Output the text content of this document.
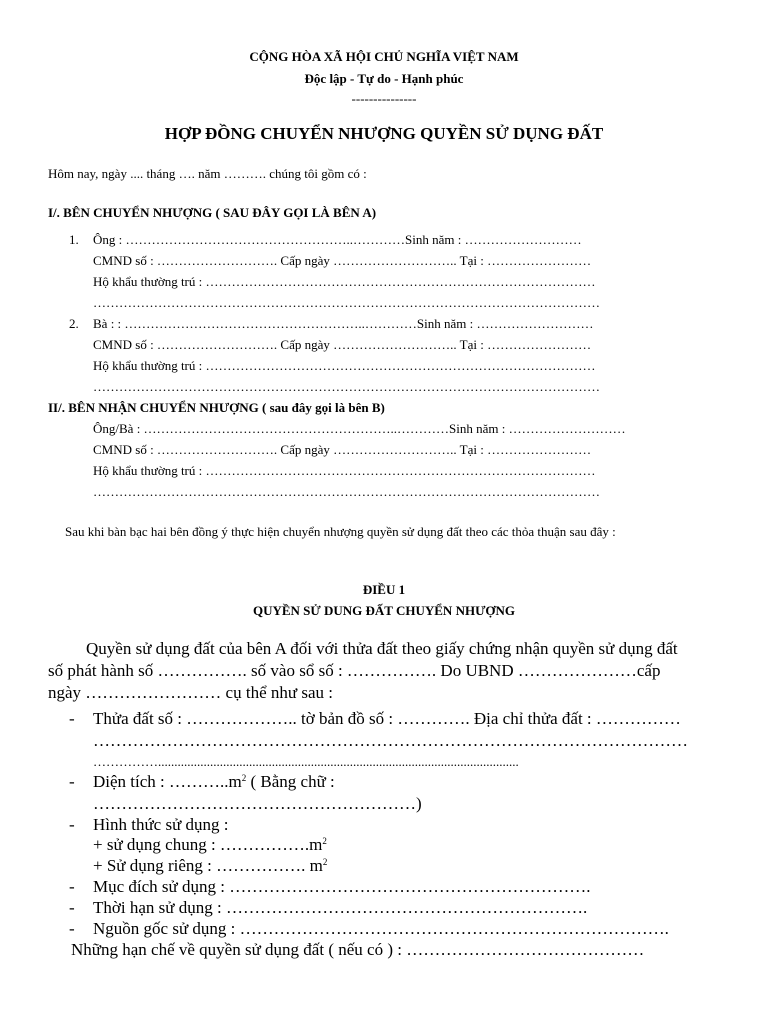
CỘNG HÒA XÃ HỘI CHỦ NGHĨA VIỆT NAM
Độc lập - Tự do - Hạnh phúc
---------------
HỢP ĐỒNG CHUYỂN NHƯỢNG QUYỀN SỬ DỤNG ĐẤT
Hôm nay, ngày .... tháng …. năm ………. chúng tôi gồm có :
I/. BÊN CHUYỂN NHƯỢNG ( SAU ĐÂY GỌI LÀ BÊN A)
1. Ông : ……………………………………………..…………Sinh năm : ………………………
CMND số : ………………………. Cấp ngày ……………………….. Tại : ……………………
Hộ khẩu thường trú : ………………………………………………………………………………
………………………………………………………………………………………………………
2. Bà : : ………………………………………………..…………Sinh năm : ………………………
CMND số : ………………………. Cấp ngày ……………………….. Tại : ……………………
Hộ khẩu thường trú : ………………………………………………………………………………
………………………………………………………………………………………………………
II/. BÊN NHẬN CHUYỂN NHƯỢNG ( sau đây gọi là bên B)
Ông/Bà : …………………………………………………..…………Sinh năm : ………………………
CMND số : ………………………. Cấp ngày ……………………….. Tại : ……………………
Hộ khẩu thường trú : ………………………………………………………………………………
………………………………………………………………………………………………………
Sau khi bàn bạc hai bên đồng ý thực hiện chuyển nhượng quyền sử dụng đất theo các thỏa thuận sau đây :
ĐIỀU 1
QUYỀN SỬ DUNG ĐẤT CHUYỂN NHƯỢNG
Quyền sử dụng đất của bên A đối với thửa đất theo giấy chứng nhận quyền sử dụng đất
số phát hành số ……………. số vào sổ số : ……………. Do UBND …………………cấp
ngày …………………… cụ thể như sau :
- Thửa đất số : ……………….. tờ bản đồ số : …………. Địa chỉ thửa đất : ……………
……………………………………………………………………………………………
……………...............................................................................................................
- Diện tích : $\dots\dots\dots..m^2$ ( Bằng chữ :
…………………………………………………)
- Hình thức sử dụng :
+ sử dụng chung : $\dots\dots\dots\dots\dots.m^2$
+ Sử dụng riêng : ……………. $m^2$
- Mục đích sử dụng : ……………………………………………………….
- Thời hạn sử dụng : ……………………………………………………….
- Nguồn gốc sử dụng : ………………………………………………………………….
Những hạn chế về quyền sử dụng đất ( nếu có ) : ……………………………………
